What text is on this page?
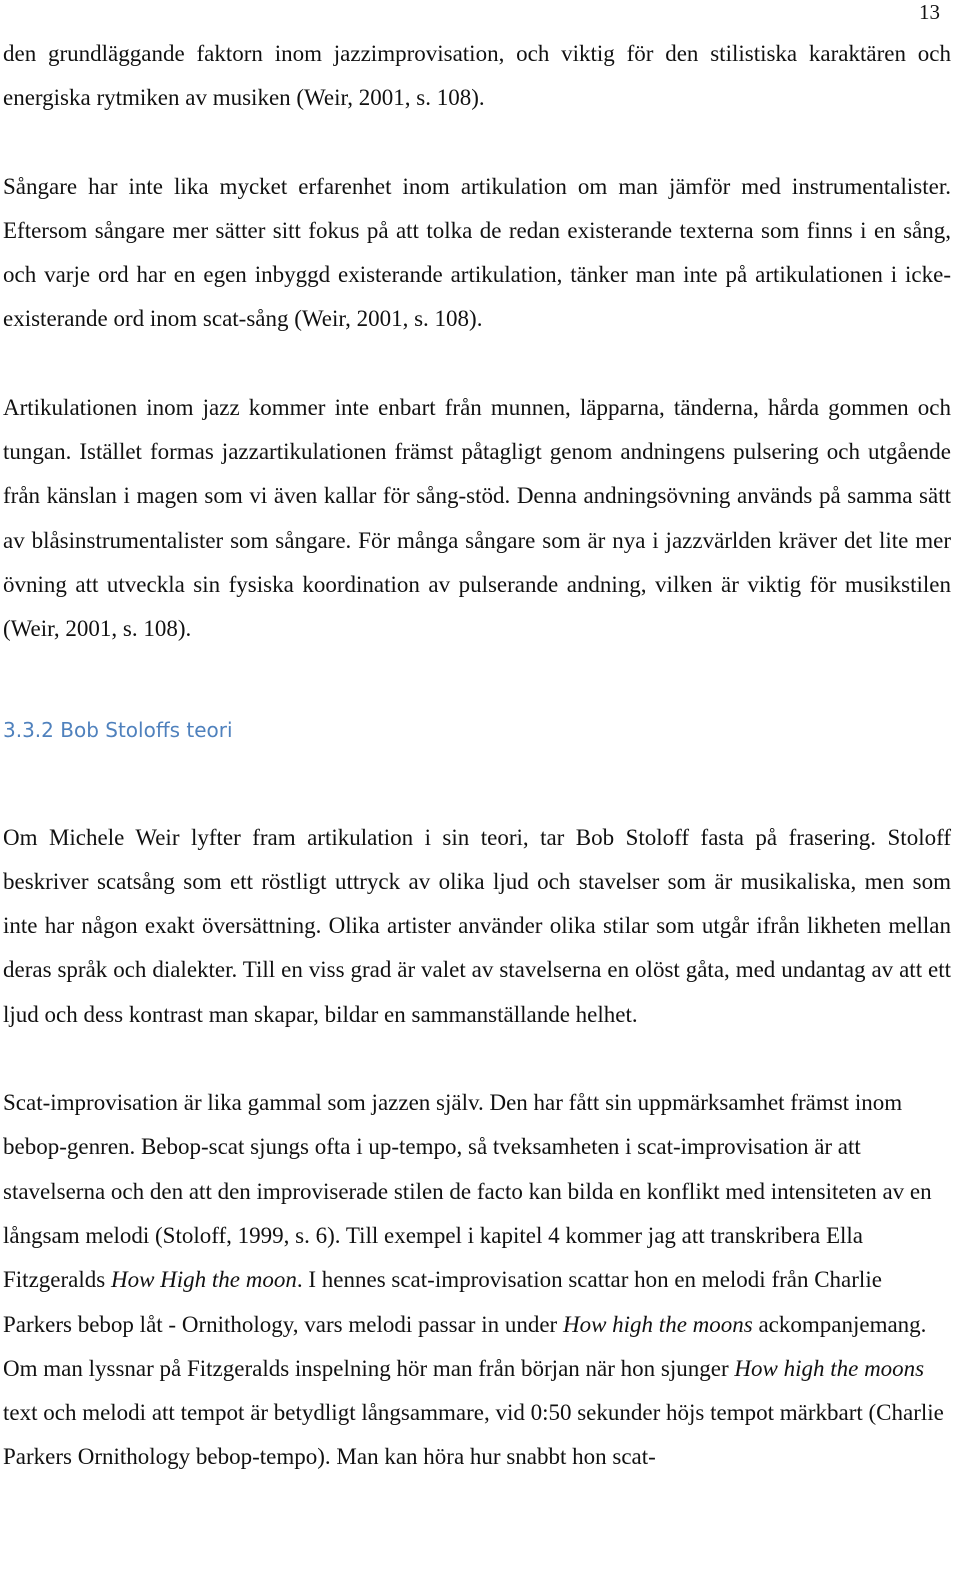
13

den grundläggande faktorn inom jazzimprovisation, och viktig för den stilistiska karaktären och energiska rytmiken av musiken (Weir, 2001, s. 108).

Sångare har inte lika mycket erfarenhet inom artikulation om man jämför med instrumentalister. Eftersom sångare mer sätter sitt fokus på att tolka de redan existerande texterna som finns i en sång, och varje ord har en egen inbyggd existerande artikulation, tänker man inte på artikulationen i icke-existerande ord inom scat-sång (Weir, 2001, s. 108).

Artikulationen inom jazz kommer inte enbart från munnen, läpparna, tänderna, hårda gommen och tungan. Istället formas jazzartikulationen främst påtagligt genom andningens pulsering och utgående från känslan i magen som vi även kallar för sång-stöd. Denna andningsövning används på samma sätt av blåsinstrumentalister som sångare. För många sångare som är nya i jazzvärlden kräver det lite mer övning att utveckla sin fysiska koordination av pulserande andning, vilken är viktig för musikstilen (Weir, 2001, s. 108).

3.3.2 Bob Stoloffs teori

Om Michele Weir lyfter fram artikulation i sin teori, tar Bob Stoloff fasta på frasering. Stoloff beskriver scatsång som ett röstligt uttryck av olika ljud och stavelser som är musikaliska, men som inte har någon exakt översättning. Olika artister använder olika stilar som utgår ifrån likheten mellan deras språk och dialekter. Till en viss grad är valet av stavelserna en olöst gåta, med undantag av att ett ljud och dess kontrast man skapar, bildar en sammanställande helhet.

Scat-improvisation är lika gammal som jazzen själv. Den har fått sin uppmärksamhet främst inom bebop-genren. Bebop-scat sjungs ofta i up-tempo, så tveksamheten i scat-improvisation är att stavelserna och den att den improviserade stilen de facto kan bilda en konflikt med intensiteten av en långsam melodi (Stoloff, 1999, s. 6). Till exempel i kapitel 4 kommer jag att transkribera Ella Fitzgeralds How High the moon. I hennes scat-improvisation scattar hon en melodi från Charlie Parkers bebop låt - Ornithology, vars melodi passar in under How high the moons ackompanjemang. Om man lyssnar på Fitzgeralds inspelning hör man från början när hon sjunger How high the moons text och melodi att tempot är betydligt långsammare, vid 0:50 sekunder höjs tempot märkbart (Charlie Parkers Ornithology bebop-tempo). Man kan höra hur snabbt hon scat-
